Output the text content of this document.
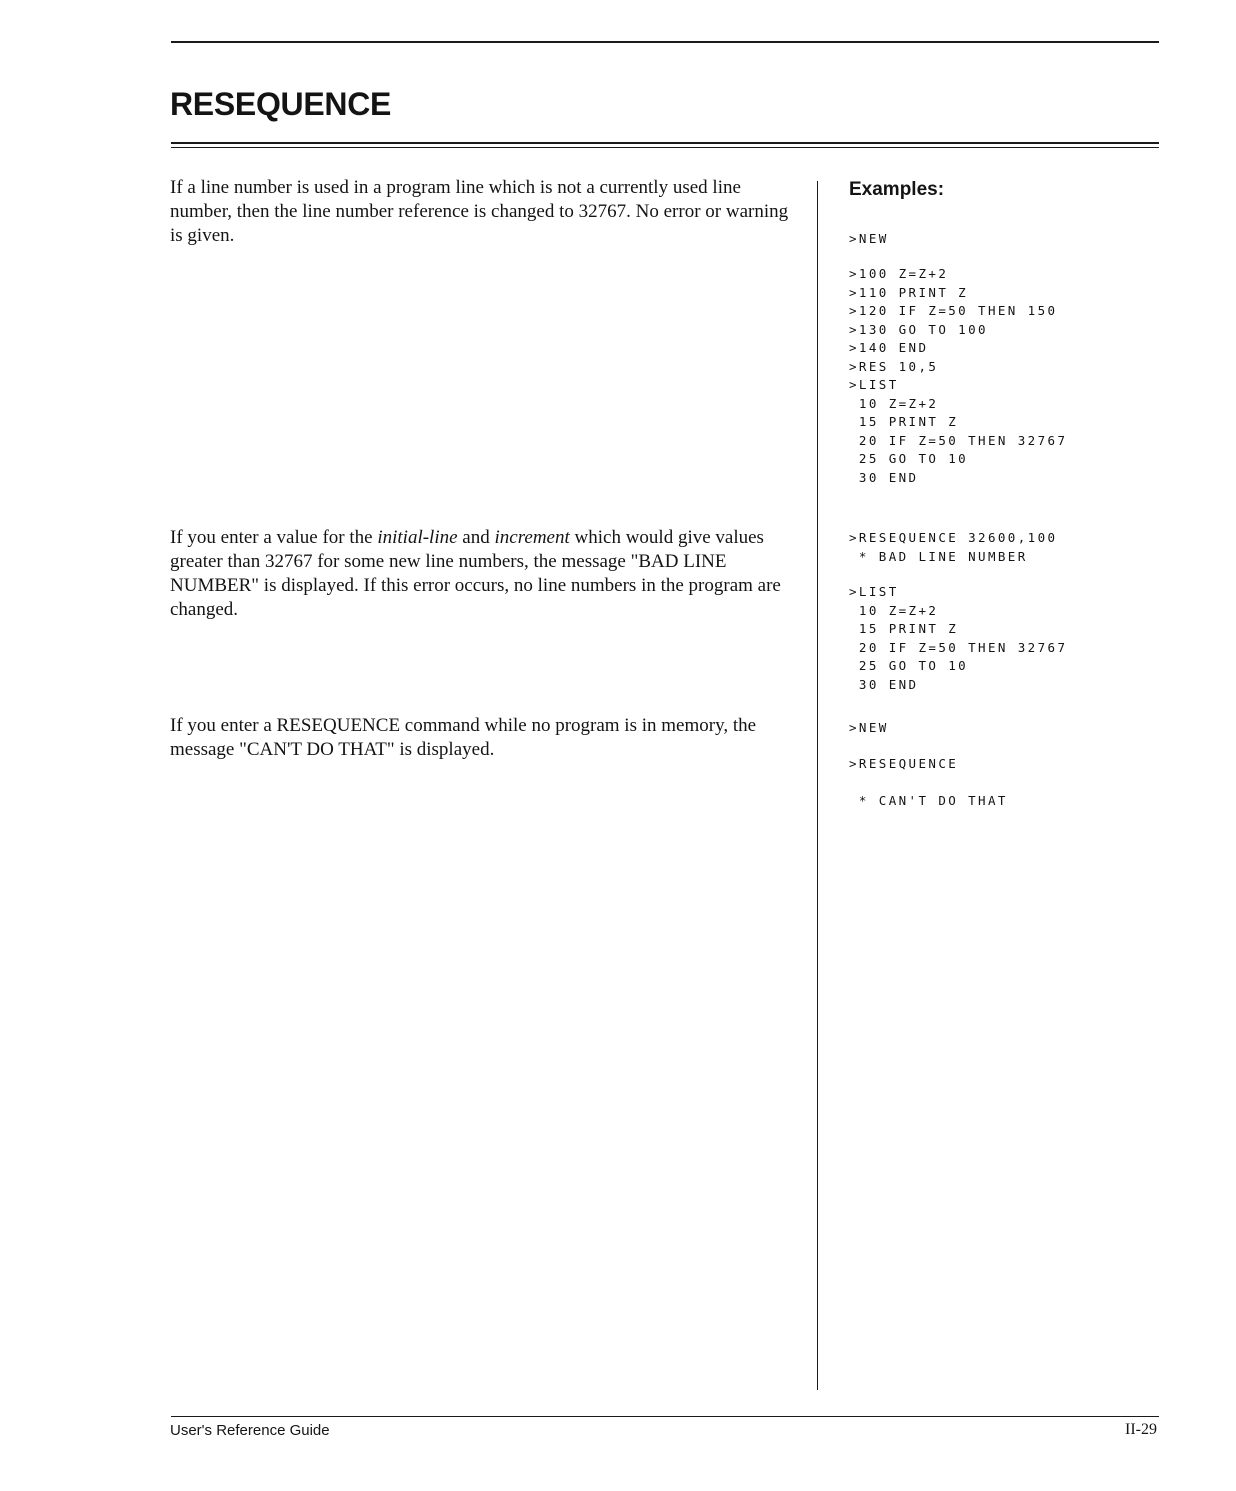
RESEQUENCE

If a line number is used in a program line which is not a currently used line number, then the line number reference is changed to 32767. No error or warning is given.

If you enter a value for the initial-line and increment which would give values greater than 32767 for some new line numbers, the message "BAD LINE NUMBER" is displayed. If this error occurs, no line numbers in the program are changed.

If you enter a RESEQUENCE command while no program is in memory, the message "CAN'T DO THAT" is displayed.

Examples:
>NEW
>100 Z=Z+2
>110 PRINT Z
>120 IF Z=50 THEN 150
>130 GO TO 100
>140 END
>RES 10,5
>LIST
10 Z=Z+2
15 PRINT Z
20 IF Z=50 THEN 32767
25 GO TO 10
30 END
>RESEQUENCE 32600,100
* BAD LINE NUMBER
>LIST
10 Z=Z+2
15 PRINT Z
20 IF Z=50 THEN 32767
25 GO TO 10
30 END
>NEW
>RESEQUENCE
* CAN'T DO THAT

User's Reference Guide	II-29
